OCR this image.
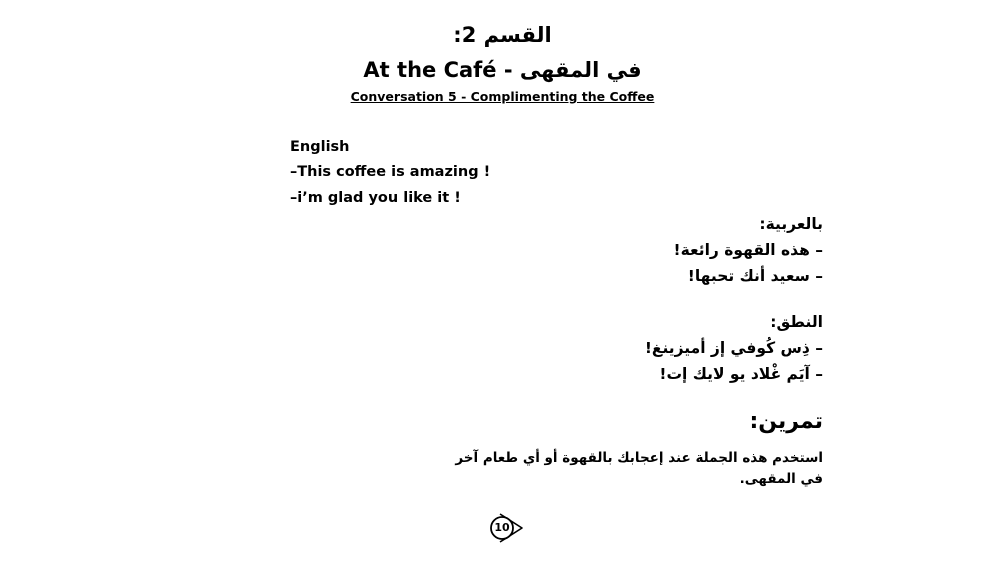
القسم 2:
At the Café - في المقهى
Conversation 5 - Complimenting the Coffee
English
–This coffee is amazing !
–i’m glad you like it !
بالعربية:
– هذه القهوة رائعة!
– سعيد أنك تحبها!
النطق:
– ذِس كُوفي إز أميزينغ!
– آيَم غْلاد يو لايك إت!
تمرين:
استخدم هذه الجملة عند إعجابك بالقهوة أو أي طعام آخر
في المقهى.
10
